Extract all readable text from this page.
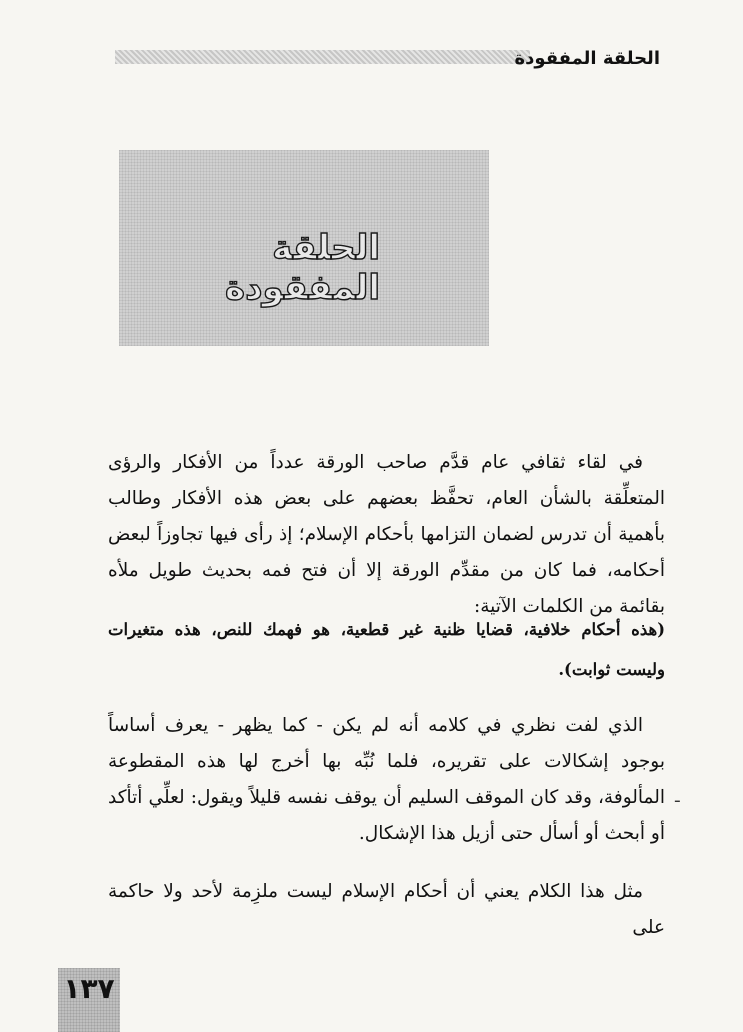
الحلقة المفقودة
الحلقة المفقودة

في لقاء ثقافي عام قدَّم صاحب الورقة عدداً من الأفكار والرؤى المتعلِّقة بالشأن العام، تحفَّظ بعضهم على بعض هذه الأفكار وطالب بأهمية أن تدرس لضمان التزامها بأحكام الإسلام؛ إذ رأى فيها تجاوزاً لبعض أحكامه، فما كان من مقدِّم الورقة إلا أن فتح فمه بحديث طويل ملأه بقائمة من الكلمات الآتية:

(هذه أحكام خلافية، قضايا ظنية غير قطعية، هو فهمك للنص، هذه متغيرات وليست ثوابت).

الذي لفت نظري في كلامه أنه لم يكن - كما يظهر - يعرف أساساً بوجود إشكالات على تقريره، فلما نُبِّه بها أخرج لها هذه المقطوعة المألوفة، وقد كان الموقف السليم أن يوقف نفسه قليلاً ويقول: لعلِّي أتأكد أو أبحث أو أسأل حتى أزيل هذا الإشكال.

ـ

مثل هذا الكلام يعني أن أحكام الإسلام ليست ملزِمة لأحد ولا حاكمة على

١٣٧
